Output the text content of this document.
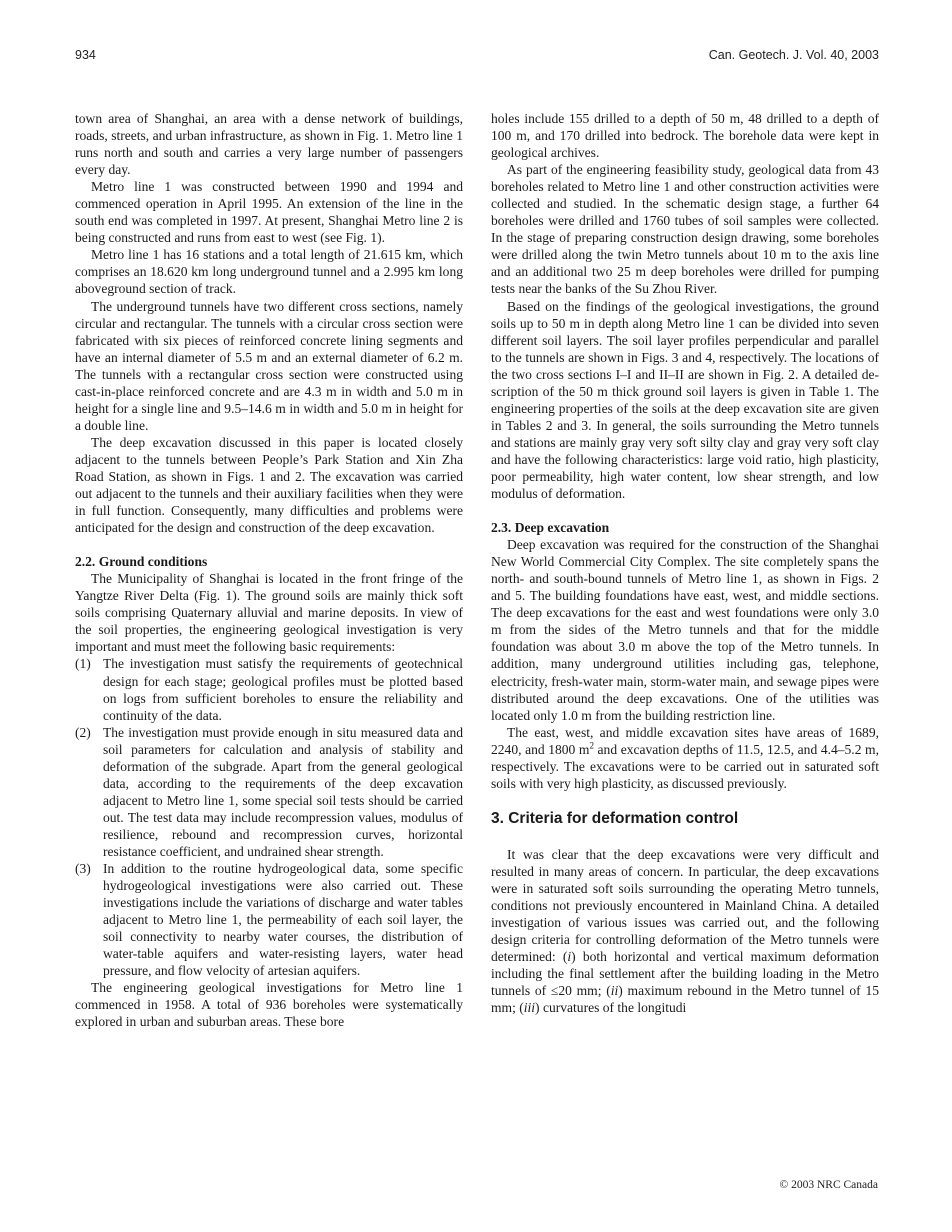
934	Can. Geotech. J. Vol. 40, 2003

town area of Shanghai, an area with a dense network of buildings, roads, streets, and urban infrastructure, as shown in Fig. 1. Metro line 1 runs north and south and carries a very large number of passengers every day.

Metro line 1 was constructed between 1990 and 1994 and commenced operation in April 1995. An extension of the line in the south end was completed in 1997. At present, Shanghai Metro line 2 is being constructed and runs from east to west (see Fig. 1).

Metro line 1 has 16 stations and a total length of 21.615 km, which comprises an 18.620 km long underground tunnel and a 2.995 km long aboveground section of track.

The underground tunnels have two different cross sections, namely circular and rectangular. The tunnels with a circular cross section were fabricated with six pieces of reinforced concrete lining segments and have an internal diameter of 5.5 m and an external diameter of 6.2 m. The tunnels with a rectangular cross section were constructed using cast-in-place reinforced concrete and are 4.3 m in width and 5.0 m in height for a single line and 9.5–14.6 m in width and 5.0 m in height for a double line.

The deep excavation discussed in this paper is located closely adjacent to the tunnels between People’s Park Station and Xin Zha Road Station, as shown in Figs. 1 and 2. The excavation was carried out adjacent to the tunnels and their auxiliary facilities when they were in full function. Consequently, many difficulties and problems were anticipated for the design and construction of the deep excavation.

2.2. Ground conditions

The Municipality of Shanghai is located in the front fringe of the Yangtze River Delta (Fig. 1). The ground soils are mainly thick soft soils comprising Quaternary alluvial and marine deposits. In view of the soil properties, the engineering geological investigation is very important and must meet the following basic requirements:

(1) The investigation must satisfy the requirements of geotechnical design for each stage; geological profiles must be plotted based on logs from sufficient boreholes to ensure the reliability and continuity of the data.
(2) The investigation must provide enough in situ measured data and soil parameters for calculation and analysis of stability and deformation of the subgrade. Apart from the general geological data, according to the requirements of the deep excavation adjacent to Metro line 1, some special soil tests should be carried out. The test data may include recompression values, modulus of resilience, rebound and recompression curves, horizontal resistance coefficient, and undrained shear strength.
(3) In addition to the routine hydrogeological data, some specific hydrogeological investigations were also carried out. These investigations include the variations of discharge and water tables adjacent to Metro line 1, the permeability of each soil layer, the soil connectivity to nearby water courses, the distribution of water-table aquifers and water-resisting layers, water head pressure, and flow velocity of artesian aquifers.

The engineering geological investigations for Metro line 1 commenced in 1958. A total of 936 boreholes were systematically explored in urban and suburban areas. These bore

holes include 155 drilled to a depth of 50 m, 48 drilled to a depth of 100 m, and 170 drilled into bedrock. The borehole data were kept in geological archives.

As part of the engineering feasibility study, geological data from 43 boreholes related to Metro line 1 and other construction activities were collected and studied. In the schematic design stage, a further 64 boreholes were drilled and 1760 tubes of soil samples were collected. In the stage of preparing construction design drawing, some boreholes were drilled along the twin Metro tunnels about 10 m to the axis line and an additional two 25 m deep boreholes were drilled for pumping tests near the banks of the Su Zhou River.

Based on the findings of the geological investigations, the ground soils up to 50 m in depth along Metro line 1 can be divided into seven different soil layers. The soil layer profiles perpendicular and parallel to the tunnels are shown in Figs. 3 and 4, respectively. The locations of the two cross sections I–I and II–II are shown in Fig. 2. A detailed description of the 50 m thick ground soil layers is given in Table 1. The engineering properties of the soils at the deep excavation site are given in Tables 2 and 3. In general, the soils surrounding the Metro tunnels and stations are mainly gray very soft silty clay and gray very soft clay and have the following characteristics: large void ratio, high plasticity, poor permeability, high water content, low shear strength, and low modulus of deformation.

2.3. Deep excavation

Deep excavation was required for the construction of the Shanghai New World Commercial City Complex. The site completely spans the north- and south-bound tunnels of Metro line 1, as shown in Figs. 2 and 5. The building foundations have east, west, and middle sections. The deep excavations for the east and west foundations were only 3.0 m from the sides of the Metro tunnels and that for the middle foundation was about 3.0 m above the top of the Metro tunnels. In addition, many underground utilities including gas, telephone, electricity, fresh-water main, storm-water main, and sewage pipes were distributed around the deep excavations. One of the utilities was located only 1.0 m from the building restriction line.

The east, west, and middle excavation sites have areas of 1689, 2240, and 1800 $m^2$ and excavation depths of 11.5, 12.5, and 4.4–5.2 m, respectively. The excavations were to be carried out in saturated soft soils with very high plasticity, as discussed previously.

3. Criteria for deformation control

It was clear that the deep excavations were very difficult and resulted in many areas of concern. In particular, the deep excavations were in saturated soft soils surrounding the operating Metro tunnels, conditions not previously encountered in Mainland China. A detailed investigation of various issues was carried out, and the following design criteria for controlling deformation of the Metro tunnels were determined: (i) both horizontal and vertical maximum deformation including the final settlement after the building loading in the Metro tunnels of ≤20 mm; (ii) maximum rebound in the Metro tunnel of 15 mm; (iii) curvatures of the longitudi

© 2003 NRC Canada
